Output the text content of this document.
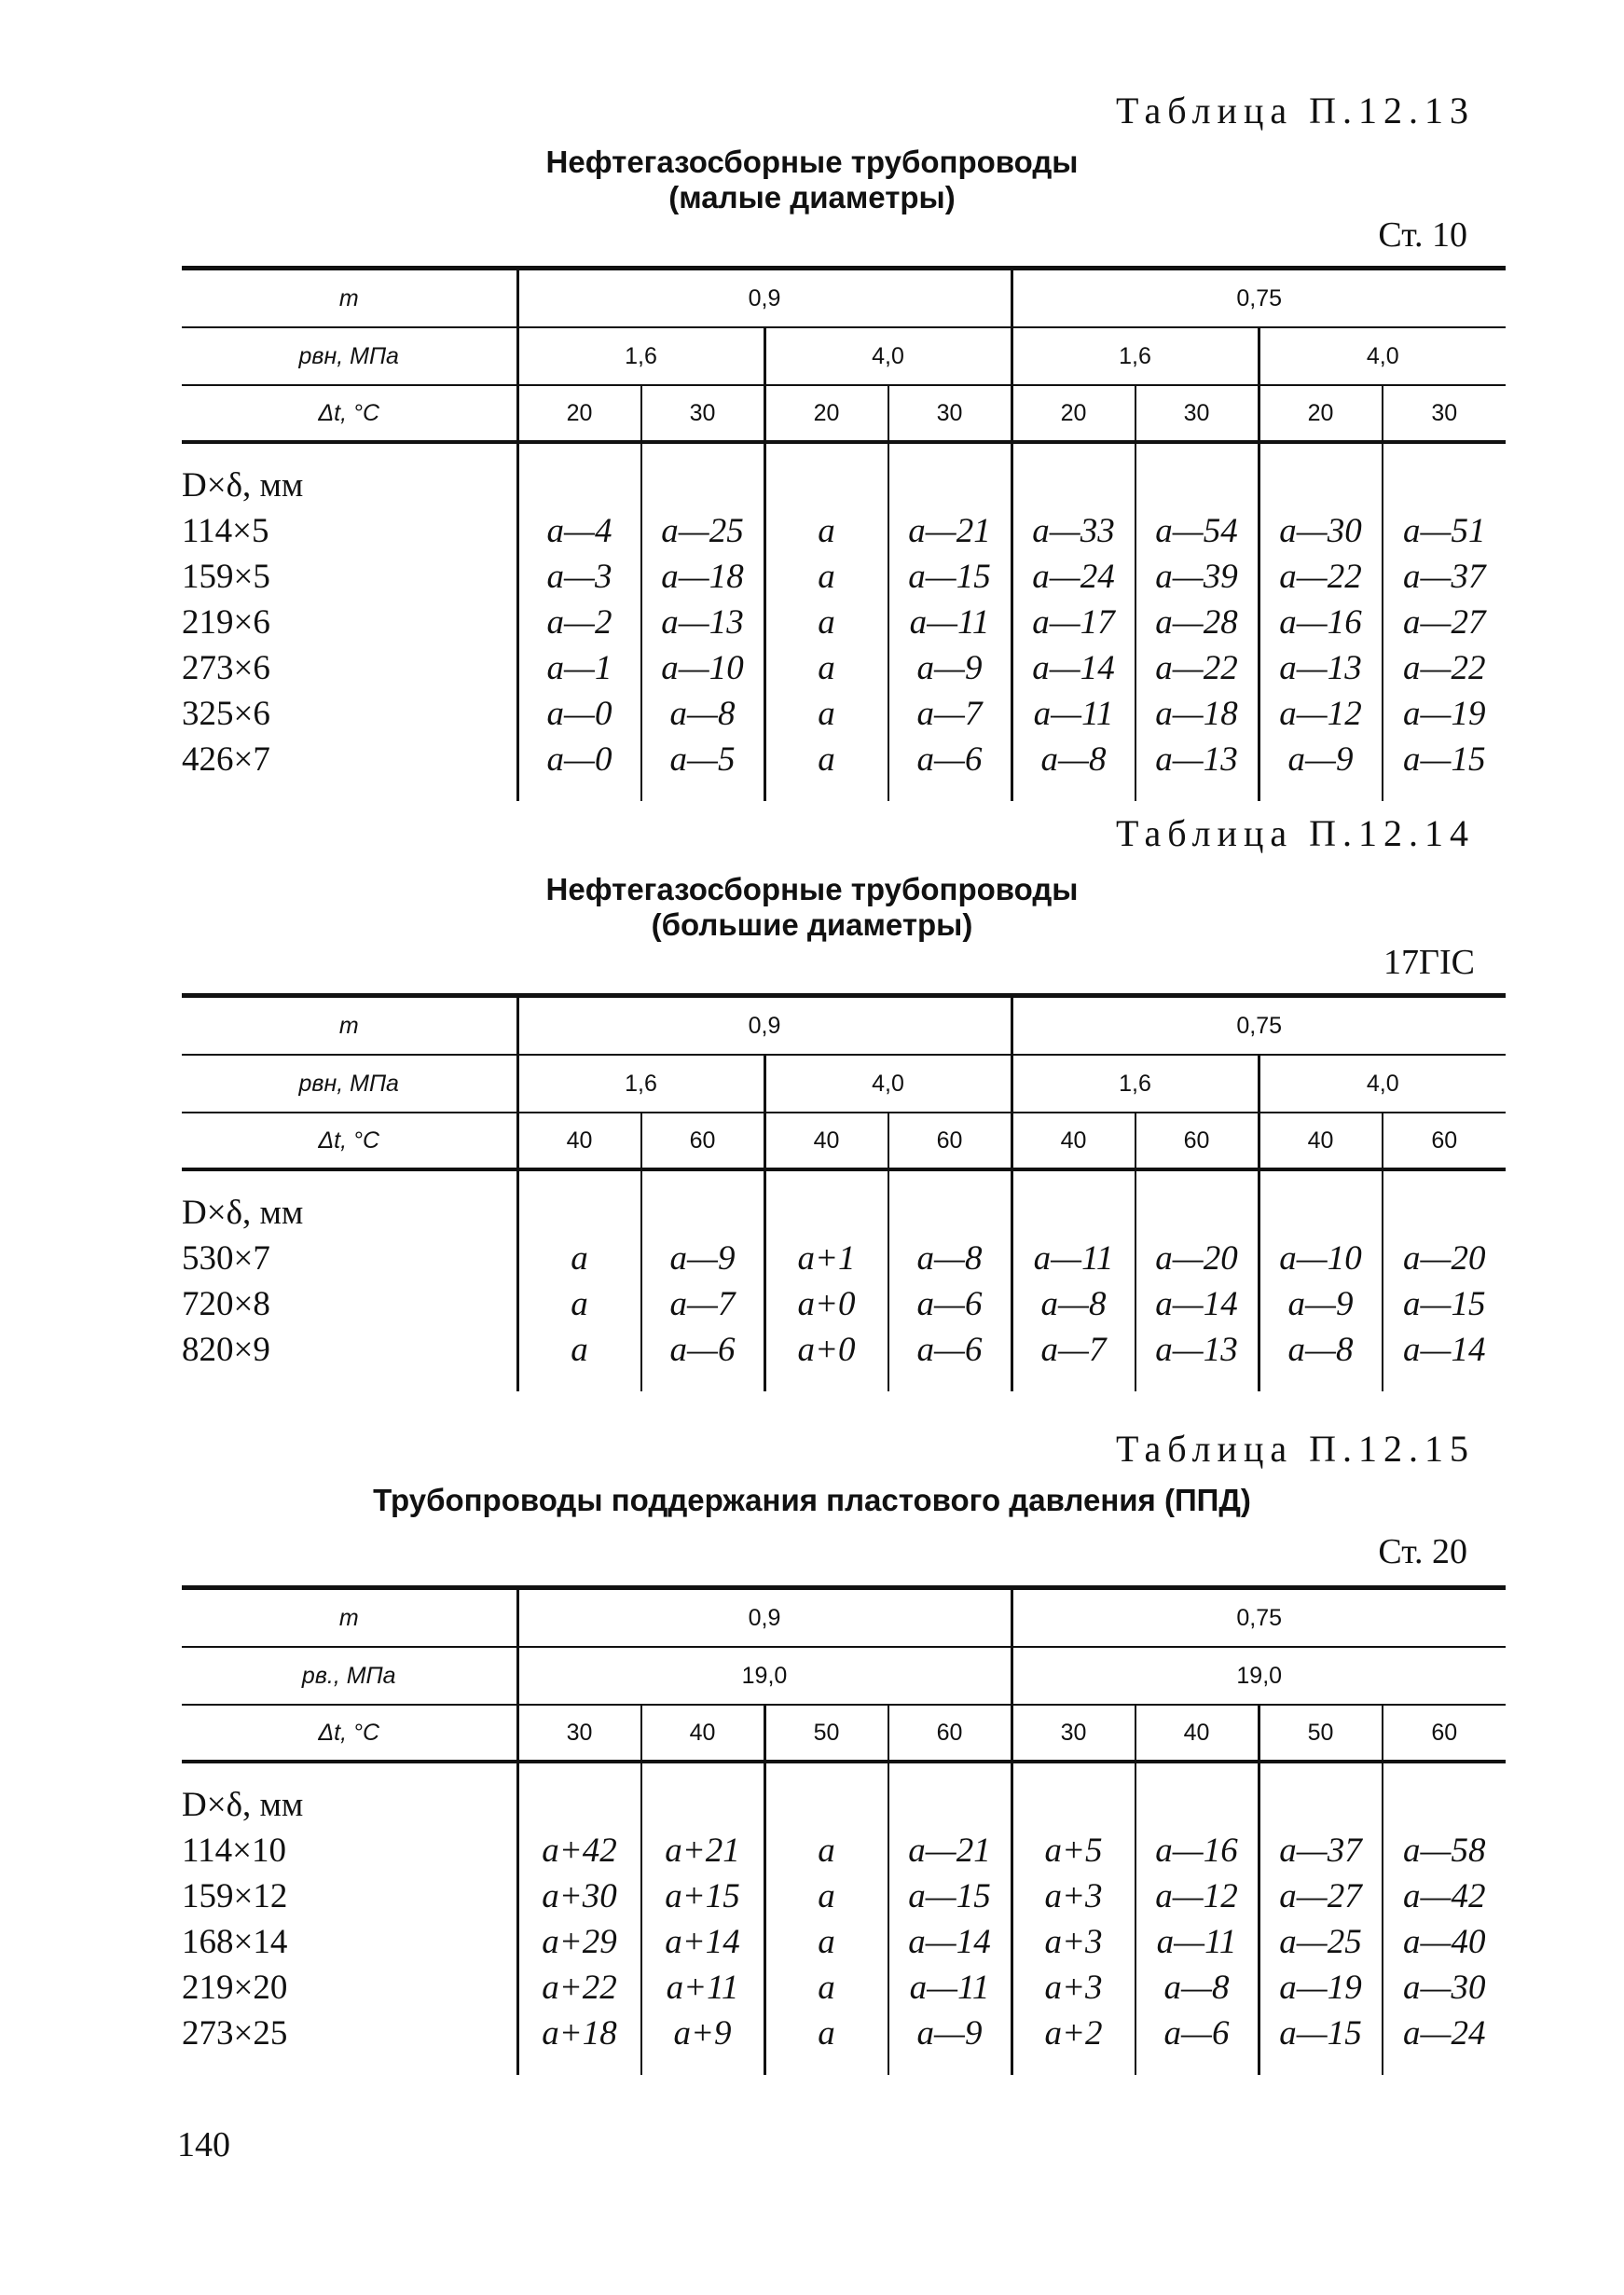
Таблица П.12.13
Нефтегазосборные трубопроводы
(малые диаметры)
Ст. 10
m	0,9				0,75			
pвн, МПа	1,6		4,0		1,6		4,0	
Δt, °C	20	30	20	30	20	30	20	30

D×δ, мм								
114×5	a—4	a—25	a	a—21	a—33	a—54	a—30	a—51
159×5	a—3	a—18	a	a—15	a—24	a—39	a—22	a—37
219×6	a—2	a—13	a	a—11	a—17	a—28	a—16	a—27
273×6	a—1	a—10	a	a—9	a—14	a—22	a—13	a—22
325×6	a—0	a—8	a	a—7	a—11	a—18	a—12	a—19
426×7	a—0	a—5	a	a—6	a—8	a—13	a—9	a—15

Таблица П.12.14
Нефтегазосборные трубопроводы
(большие диаметры)
17ГIС
m	0,9				0,75			
pвн, МПа	1,6		4,0		1,6		4,0	
Δt, °C	40	60	40	60	40	60	40	60

D×δ, мм								
530×7	a	a—9	a+1	a—8	a—11	a—20	a—10	a—20
720×8	a	a—7	a+0	a—6	a—8	a—14	a—9	a—15
820×9	a	a—6	a+0	a—6	a—7	a—13	a—8	a—14

Таблица П.12.15
Трубопроводы поддержания пластового давления (ППД)
Ст. 20
m	0,9				0,75			
pв., МПа	19,0				19,0			
Δt, °C	30	40	50	60	30	40	50	60

D×δ, мм								
114×10	a+42	a+21	a	a—21	a+5	a—16	a—37	a—58
159×12	a+30	a+15	a	a—15	a+3	a—12	a—27	a—42
168×14	a+29	a+14	a	a—14	a+3	a—11	a—25	a—40
219×20	a+22	a+11	a	a—11	a+3	a—8	a—19	a—30
273×25	a+18	a+9	a	a—9	a+2	a—6	a—15	a—24

140
